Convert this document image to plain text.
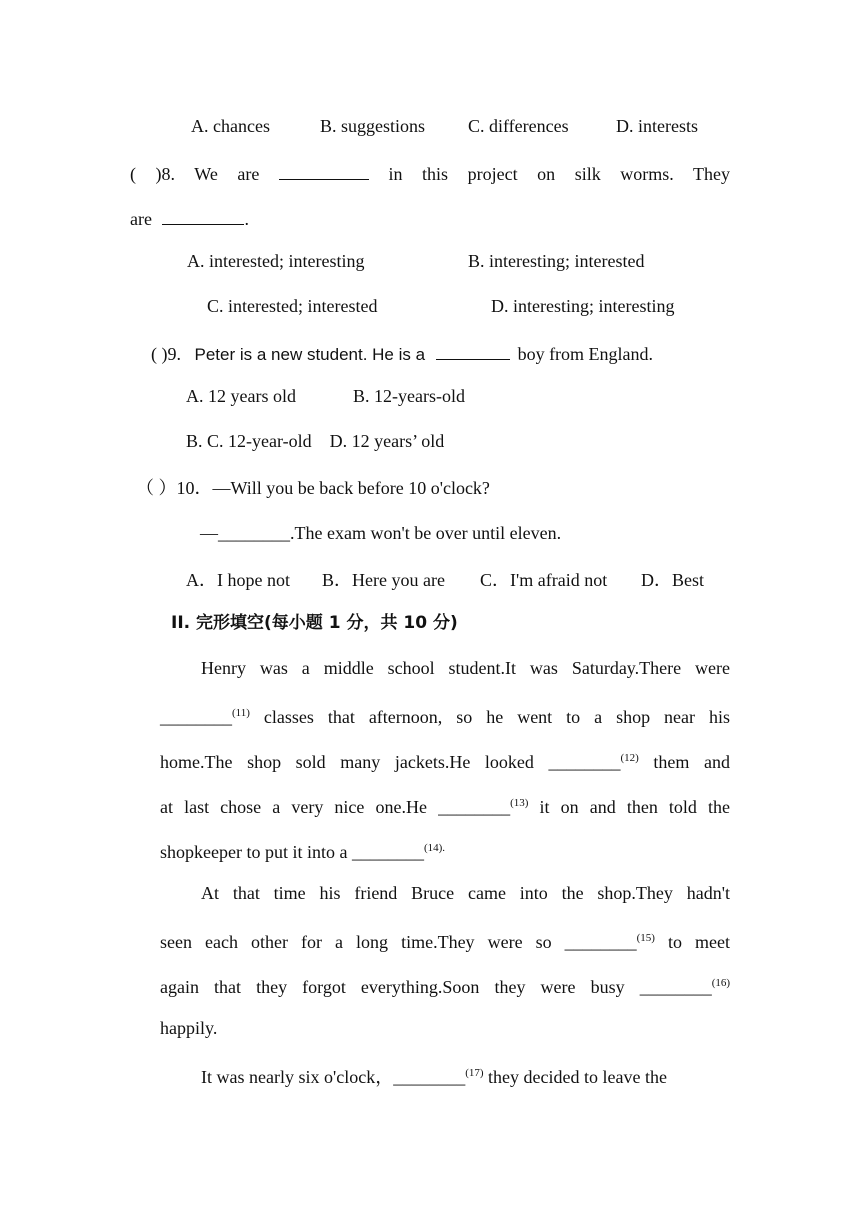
A. chances	B. suggestions C. differences	D. interests
( )8. We are	in this project on silk worms. They
are	.
A. interested; interesting	B. interesting; interested
C. interested; interested	D. interesting; interesting
( )9. Peter is a new student. He is a	boy from England.
A. 12 years old	B. 12-years-old
B. C. 12-year-old    D. 12 years’ old
（ ）10．—Will you be back before 10 o'clock?
—________.The exam won't be over until eleven.
A．I hope not B．Here you are C．I'm afraid not D．Best
II. 完形填空(每小题 1 分，共 10 分)
Henry was a middle school student.It was Saturday.There were
________$^{(11)}$ classes that afternoon, so he went to a shop near his
home.The shop sold many jackets.He looked ________$^{(12)}$ them and
at last chose a very nice one.He ________$^{(13)}$ it on and then told the
shopkeeper to put it into a ________$^{(14).}$
At that time his friend Bruce came into the shop.They hadn't
seen each other for a long time.They were so ________$^{(15)}$ to meet
again that they forgot everything.Soon they were busy ________$^{(16)}$
happily.
It was nearly six o'clock，________$^{(17)}$ they decided to leave the
